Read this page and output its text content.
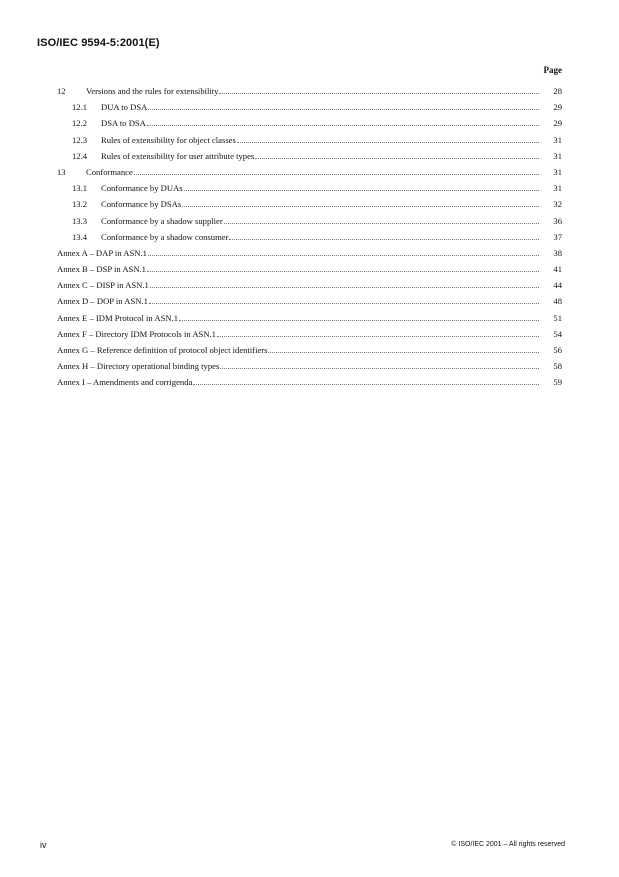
ISO/IEC 9594-5:2001(E)
Page
12	Versions and the rules for extensibility	28
12.1	DUA to DSA	29
12.2	DSA to DSA	29
12.3	Rules of extensibility for object classes	31
12.4	Rules of extensibility for user attribute types	31
13	Conformance	31
13.1	Conformance by DUAs	31
13.2	Conformance by DSAs	32
13.3	Conformance by a shadow supplier	36
13.4	Conformance by a shadow consumer	37
Annex A – DAP in ASN.1	38
Annex B – DSP in ASN.1	41
Annex C – DISP in ASN.1	44
Annex D – DOP in ASN.1	48
Annex E – IDM Protocol in ASN.1	51
Annex F – Directory IDM Protocols in ASN.1	54
Annex G – Reference definition of protocol object identifiers	56
Annex H – Directory operational binding types	58
Annex I – Amendments and corrigenda	59
iv	© ISO/IEC 2001 – All rights reserved
